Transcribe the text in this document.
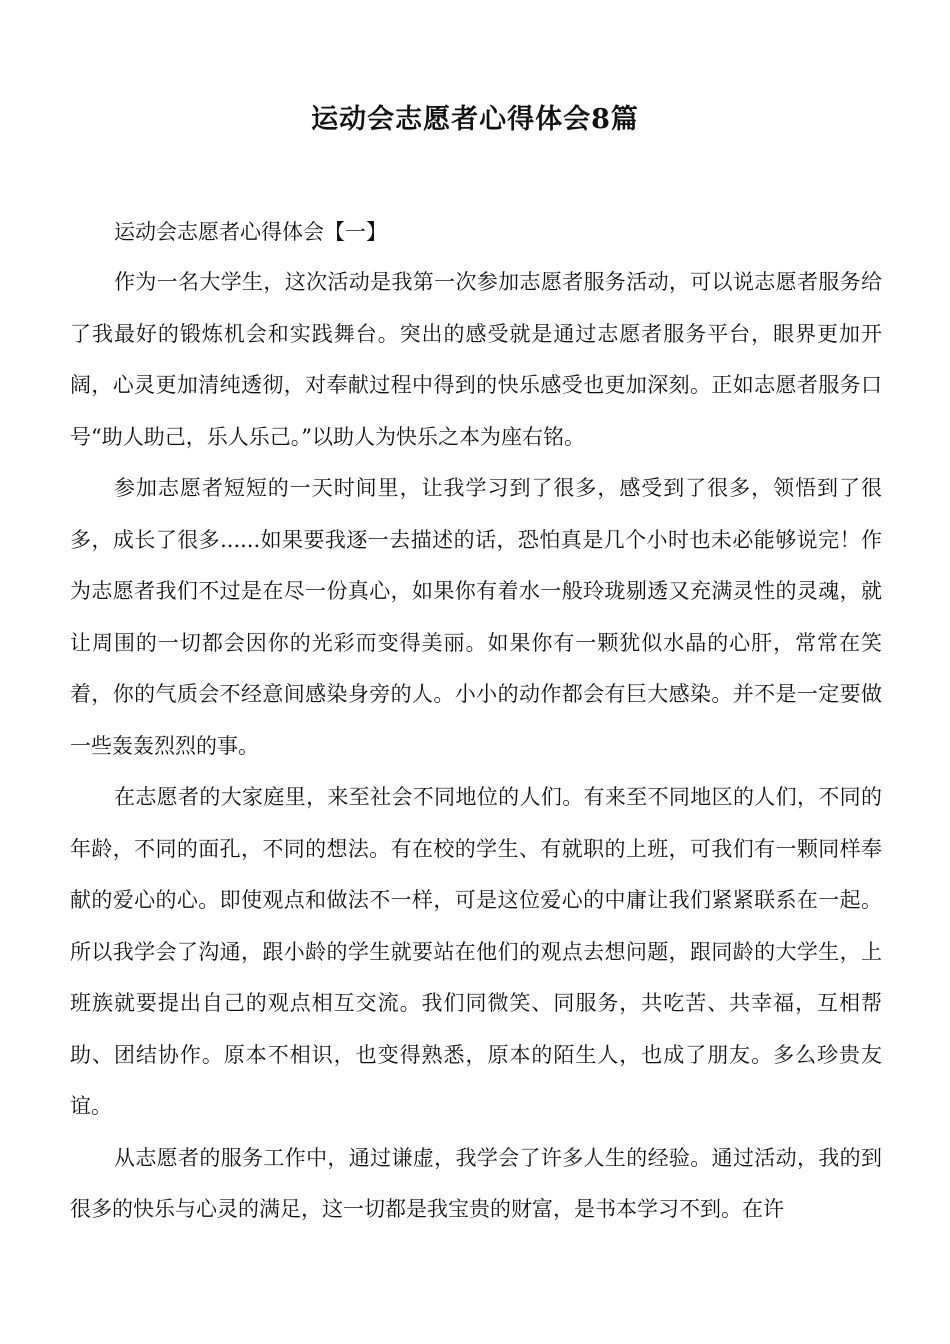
运动会志愿者心得体会8篇

运动会志愿者心得体会【一】

作为一名大学生，这次活动是我第一次参加志愿者服务活动，可以说志愿者服务给了我最好的锻炼机会和实践舞台。突出的感受就是通过志愿者服务平台，眼界更加开阔，心灵更加清纯透彻，对奉献过程中得到的快乐感受也更加深刻。正如志愿者服务口号“助人助己，乐人乐己。”以助人为快乐之本为座右铭。

参加志愿者短短的一天时间里，让我学习到了很多，感受到了很多，领悟到了很多，成长了很多......如果要我逐一去描述的话，恐怕真是几个小时也未必能够说完！作为志愿者我们不过是在尽一份真心，如果你有着水一般玲珑剔透又充满灵性的灵魂，就让周围的一切都会因你的光彩而变得美丽。如果你有一颗犹似水晶的心肝，常常在笑着，你的气质会不经意间感染身旁的人。小小的动作都会有巨大感染。并不是一定要做一些轰轰烈烈的事。

在志愿者的大家庭里，来至社会不同地位的人们。有来至不同地区的人们，不同的年龄，不同的面孔，不同的想法。有在校的学生、有就职的上班，可我们有一颗同样奉献的爱心的心。即使观点和做法不一样，可是这位爱心的中庸让我们紧紧联系在一起。所以我学会了沟通，跟小龄的学生就要站在他们的观点去想问题，跟同龄的大学生，上班族就要提出自己的观点相互交流。我们同微笑、同服务，共吃苦、共幸福，互相帮助、团结协作。原本不相识，也变得熟悉，原本的陌生人，也成了朋友。多么珍贵友谊。

从志愿者的服务工作中，通过谦虚，我学会了许多人生的经验。通过活动，我的到很多的快乐与心灵的满足，这一切都是我宝贵的财富，是书本学习不到。在许
